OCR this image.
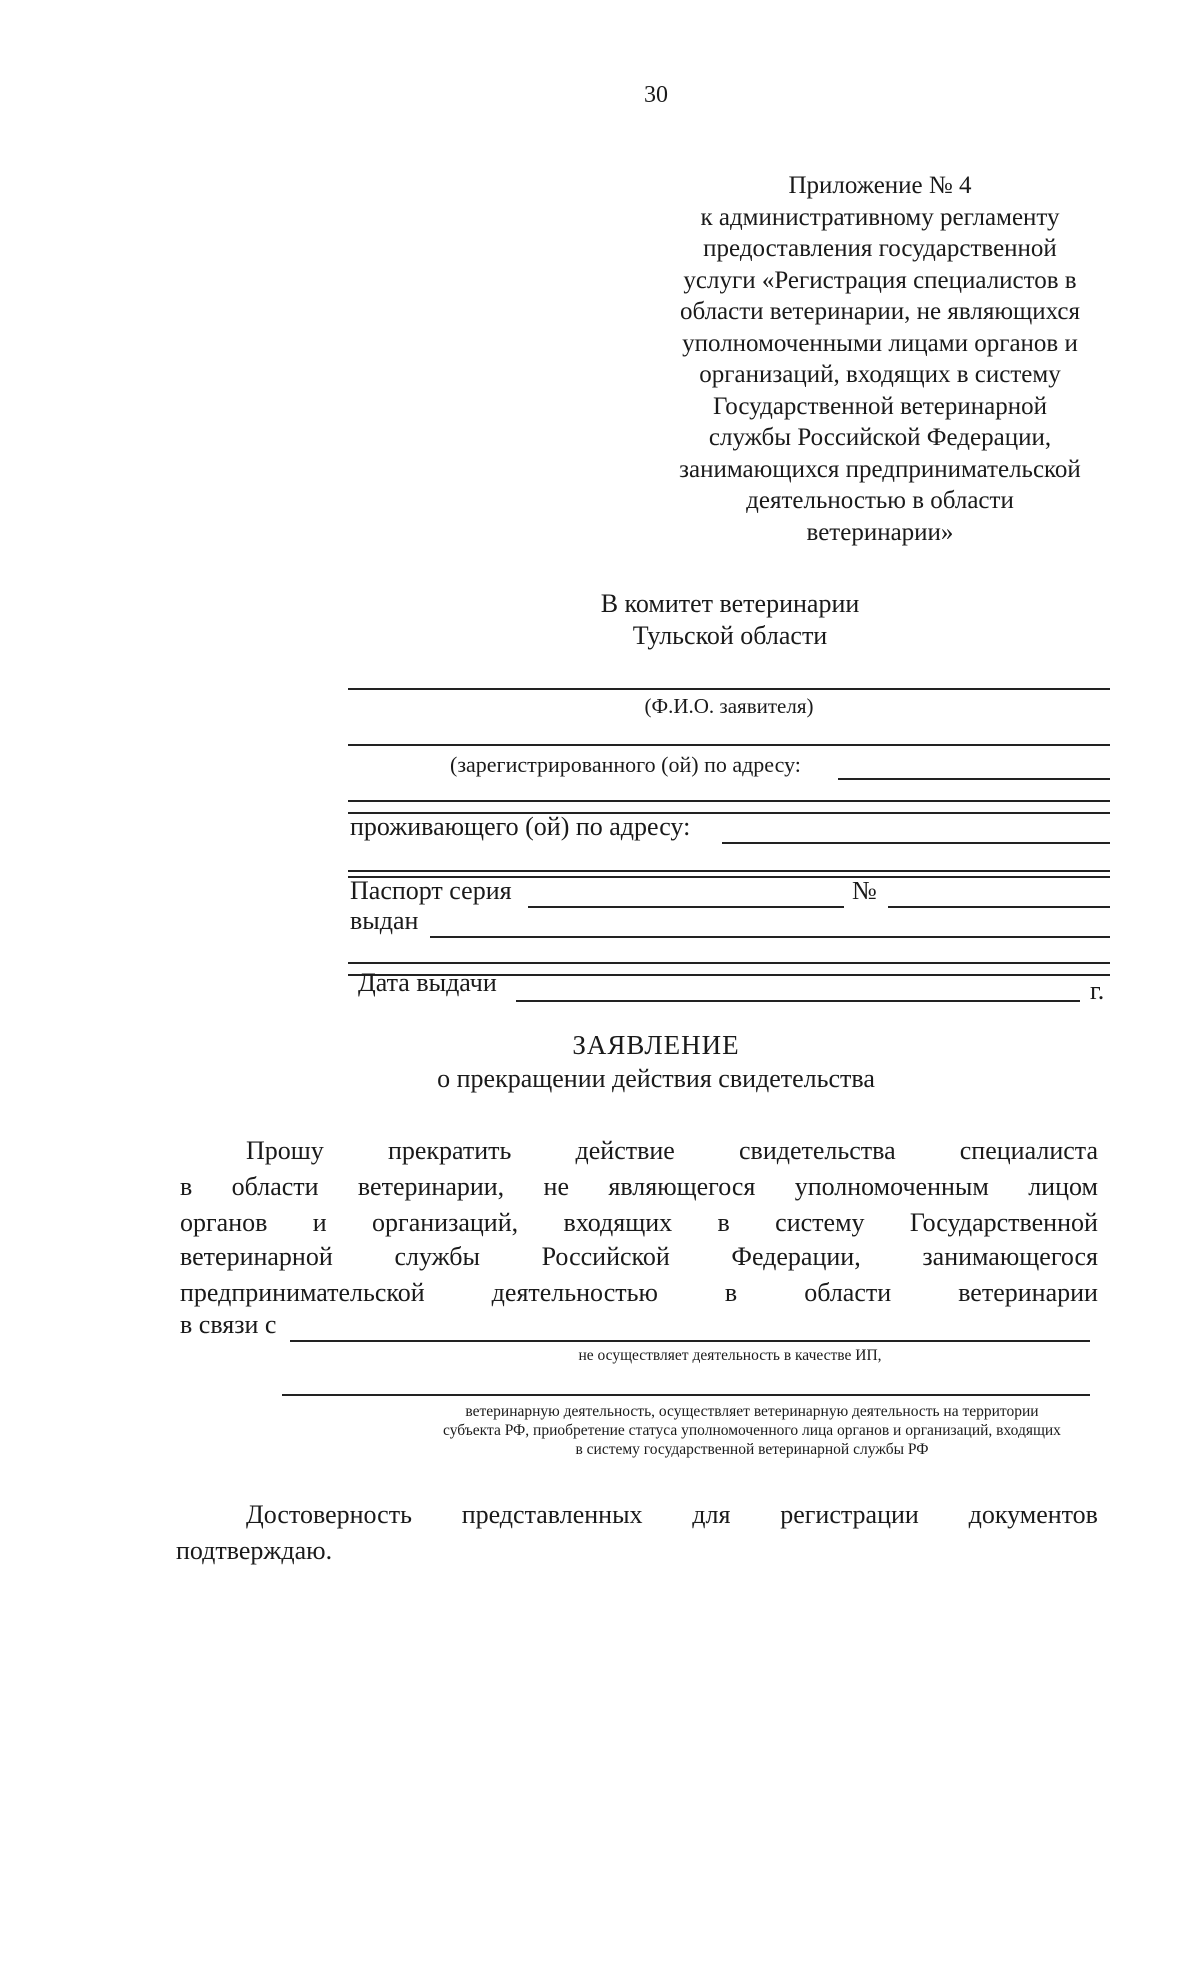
30
Приложение № 4
к административному регламенту
предоставления государственной
услуги «Регистрация специалистов в
области ветеринарии, не являющихся
уполномоченными лицами органов и
организаций, входящих в систему
Государственной ветеринарной
службы Российской Федерации,
занимающихся предпринимательской
деятельностью в области
ветеринарии»
В комитет ветеринарии
Тульской области
(Ф.И.О. заявителя)
(зарегистрированного (ой) по адресу:
проживающего (ой) по адресу:
Паспорт серия	№
выдан
Дата выдачи	г.
ЗАЯВЛЕНИЕ
о прекращении действия свидетельства
Прошу прекратить действие свидетельства специалиста
в области ветеринарии, не являющегося уполномоченным лицом
органов и организаций, входящих в систему Государственной
ветеринарной службы Российской Федерации, занимающегося
предпринимательской	деятельностью	в	области	ветеринарии
в связи с
не осуществляет деятельность в качестве ИП,
ветеринарную деятельность, осуществляет ветеринарную деятельность на территории
субъекта РФ, приобретение статуса уполномоченного лица органов и организаций, входящих
в систему государственной ветеринарной службы РФ
Достоверность представленных для регистрации документов
подтверждаю.
